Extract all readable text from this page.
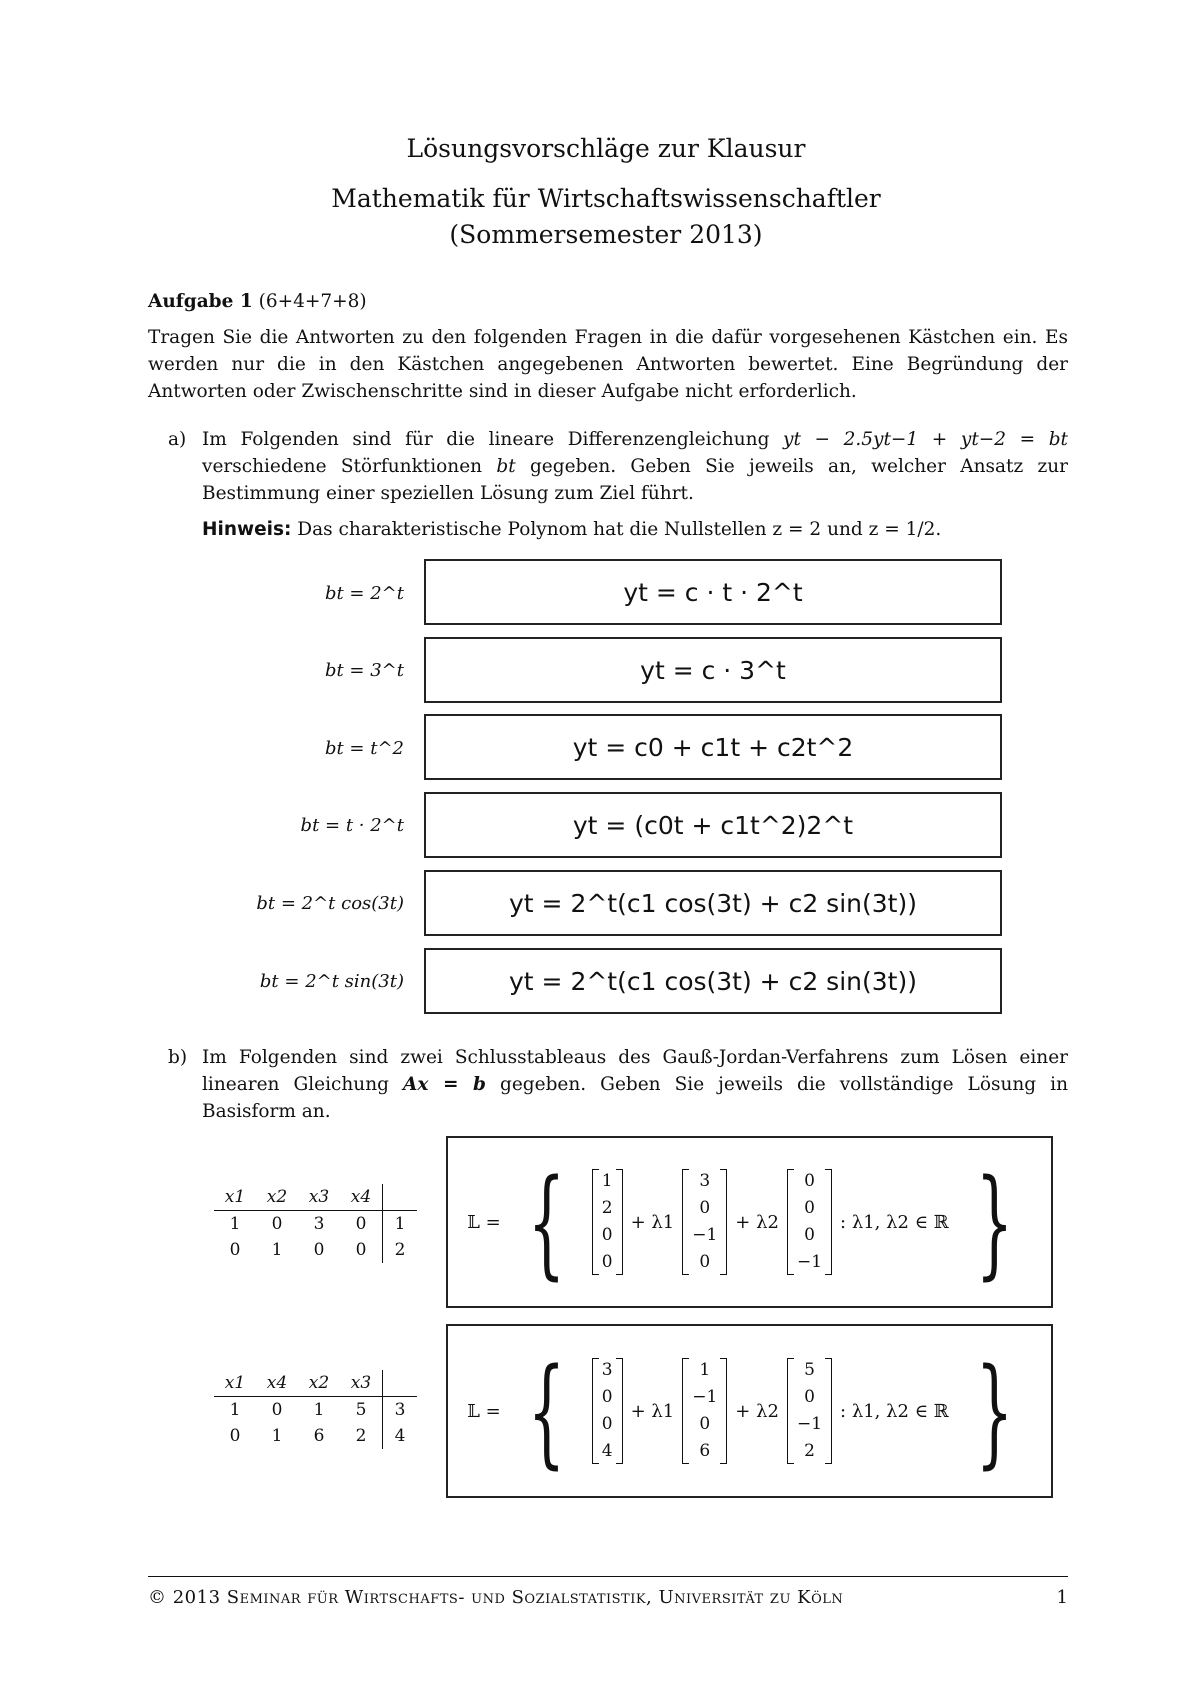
Lösungsvorschläge zur Klausur
Mathematik für Wirtschaftswissenschaftler
(Sommersemester 2013)
Aufgabe 1 (6+4+7+8)
Tragen Sie die Antworten zu den folgenden Fragen in die dafür vorgesehenen Kästchen ein. Es werden nur die in den Kästchen angegebenen Antworten bewertet. Eine Begründung der Antworten oder Zwischenschritte sind in dieser Aufgabe nicht erforderlich.
a) Im Folgenden sind für die lineare Differenzengleichung yt − 2.5yt−1 + yt−2 = bt verschiedene Störfunktionen bt gegeben. Geben Sie jeweils an, welcher Ansatz zur Bestimmung einer speziellen Lösung zum Ziel führt.
Hinweis: Das charakteristische Polynom hat die Nullstellen z = 2 und z = 1/2.
bt = 2^t	yt = c · t · 2^t
bt = 3^t	yt = c · 3^t
bt = t^2	yt = c0 + c1t + c2t^2
bt = t · 2^t	yt = (c0t + c1t^2)2^t
bt = 2^t cos(3t)	yt = 2^t(c1 cos(3t) + c2 sin(3t))
bt = 2^t sin(3t)	yt = 2^t(c1 cos(3t) + c2 sin(3t))
b) Im Folgenden sind zwei Schlusstableaus des Gauß-Jordan-Verfahrens zum Lösen einer linearen Gleichung Ax = b gegeben. Geben Sie jeweils die vollständige Lösung in Basisform an.
x1	x2	x3	x4	
1	0	3	0	1
0	1	0	0	2
𝕃 = { 1
2
0
0
+ λ1
3
0
−1
0
+ λ2
0
0
0
−1
: λ1, λ2 ∈ ℝ }
x1	x4	x2	x3	
1	0	1	5	3
0	1	6	2	4
𝕃 = { 3
0
0
4
+ λ1
1
−1
0
6
+ λ2
5
0
−1
2
: λ1, λ2 ∈ ℝ }
© 2013 Seminar für Wirtschafts- und Sozialstatistik, Universität zu Köln	1
